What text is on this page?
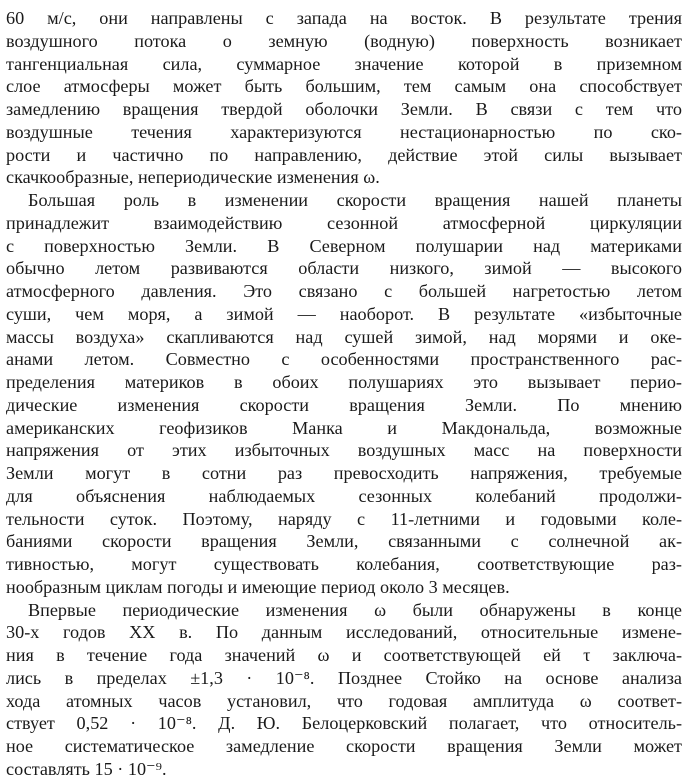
60 м/с, они направлены с запада на восток. В результате трения
воздушного потока о земную (водную) поверхность возникает
тангенциальная сила, суммарное значение которой в приземном
слое атмосферы может быть большим, тем самым она способствует
замедлению вращения твердой оболочки Земли. В связи с тем что
воздушные течения характеризуются нестационарностью по ско-
рости и частично по направлению, действие этой силы вызывает
скачкообразные, непериодические изменения ω.
Большая роль в изменении скорости вращения нашей планеты
принадлежит взаимодействию сезонной атмосферной циркуляции
с поверхностью Земли. В Северном полушарии над материками
обычно летом развиваются области низкого, зимой — высокого
атмосферного давления. Это связано с большей нагретостью летом
суши, чем моря, а зимой — наоборот. В результате «избыточные
массы воздуха» скапливаются над сушей зимой, над морями и оке-
анами летом. Совместно с особенностями пространственного рас-
пределения материков в обоих полушариях это вызывает перио-
дические изменения скорости вращения Земли. По мнению
американских геофизиков Манка и Макдональда, возможные
напряжения от этих избыточных воздушных масс на поверхности
Земли могут в сотни раз превосходить напряжения, требуемые
для объяснения наблюдаемых сезонных колебаний продолжи-
тельности суток. Поэтому, наряду с 11-летними и годовыми коле-
баниями скорости вращения Земли, связанными с солнечной ак-
тивностью, могут существовать колебания, соответствующие раз-
нообразным циклам погоды и имеющие период около 3 месяцев.
Впервые периодические изменения ω были обнаружены в конце
30-х годов XX в. По данным исследований, относительные измене-
ния в течение года значений ω и соответствующей ей τ заключа-
лись в пределах ±1,3 · 10⁻⁸. Позднее Стойко на основе анализа
хода атомных часов установил, что годовая амплитуда ω соответ-
ствует 0,52 · 10⁻⁸. Д. Ю. Белоцерковский полагает, что относитель-
ное систематическое замедление скорости вращения Земли может
составлять 15 · 10⁻⁹.
